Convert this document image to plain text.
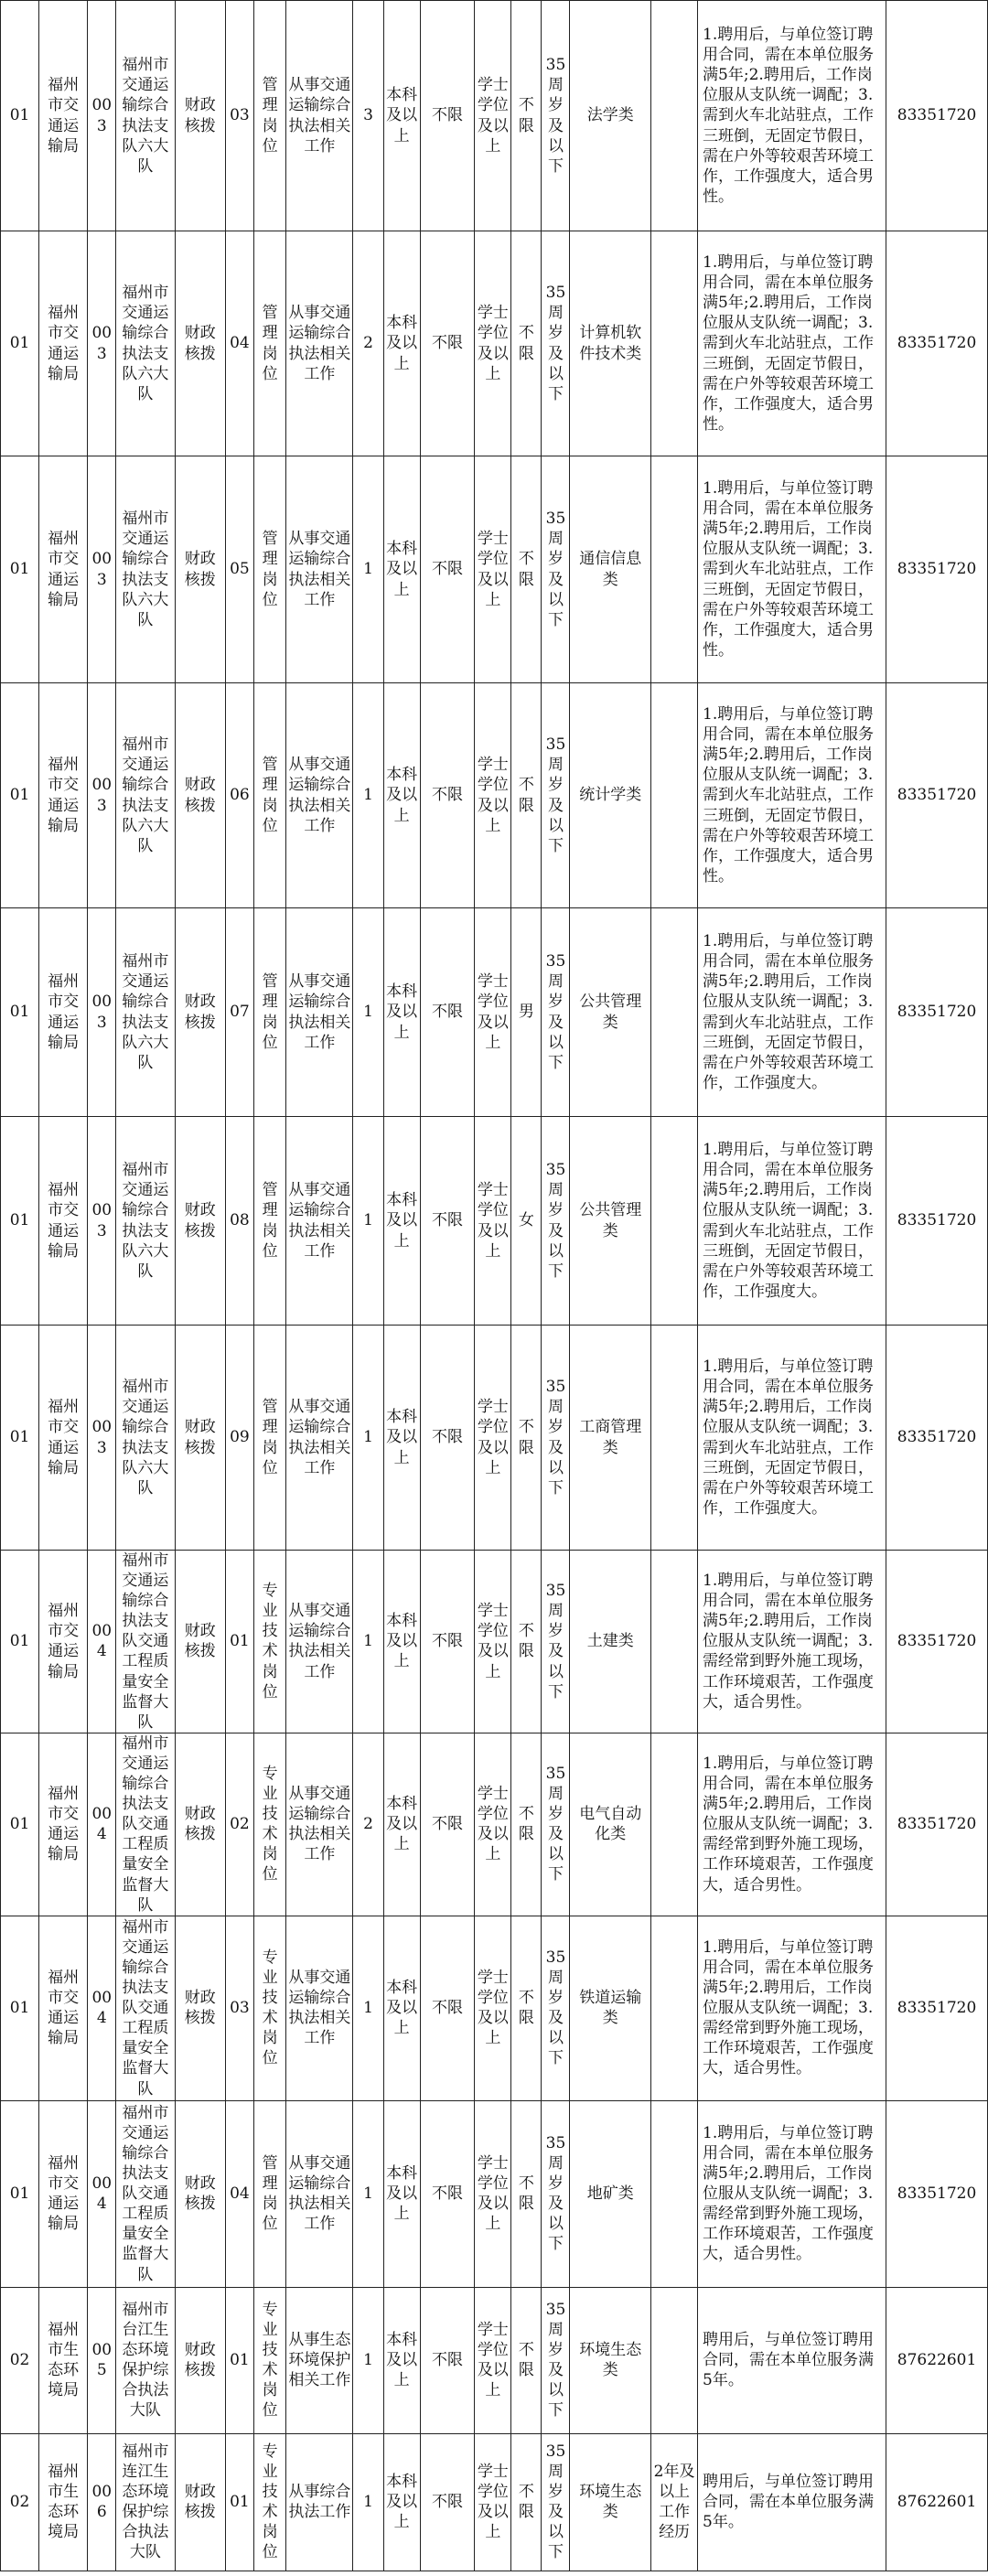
01	福州市交通运输局	003	福州市交通运输综合执法支队六大队	财政核拨	03	管理岗位	从事交通运输综合执法相关工作	3	本科及以上	不限	学士学位及以上	不限	35周岁及以下	法学类		1.聘用后，与单位签订聘用合同，需在本单位服务满5年;2.聘用后，工作岗位服从支队统一调配；3.需到火车北站驻点，工作三班倒，无固定节假日，需在户外等较艰苦环境工作，工作强度大，适合男性。	83351720
01	福州市交通运输局	003	福州市交通运输综合执法支队六大队	财政核拨	04	管理岗位	从事交通运输综合执法相关工作	2	本科及以上	不限	学士学位及以上	不限	35周岁及以下	计算机软件技术类		1.聘用后，与单位签订聘用合同，需在本单位服务满5年;2.聘用后，工作岗位服从支队统一调配；3.需到火车北站驻点，工作三班倒，无固定节假日，需在户外等较艰苦环境工作，工作强度大，适合男性。	83351720
01	福州市交通运输局	003	福州市交通运输综合执法支队六大队	财政核拨	05	管理岗位	从事交通运输综合执法相关工作	1	本科及以上	不限	学士学位及以上	不限	35周岁及以下	通信信息类		1.聘用后，与单位签订聘用合同，需在本单位服务满5年;2.聘用后，工作岗位服从支队统一调配；3.需到火车北站驻点，工作三班倒，无固定节假日，需在户外等较艰苦环境工作，工作强度大，适合男性。	83351720
01	福州市交通运输局	003	福州市交通运输综合执法支队六大队	财政核拨	06	管理岗位	从事交通运输综合执法相关工作	1	本科及以上	不限	学士学位及以上	不限	35周岁及以下	统计学类		1.聘用后，与单位签订聘用合同，需在本单位服务满5年;2.聘用后，工作岗位服从支队统一调配；3.需到火车北站驻点，工作三班倒，无固定节假日，需在户外等较艰苦环境工作，工作强度大，适合男性。	83351720
01	福州市交通运输局	003	福州市交通运输综合执法支队六大队	财政核拨	07	管理岗位	从事交通运输综合执法相关工作	1	本科及以上	不限	学士学位及以上	男	35周岁及以下	公共管理类		1.聘用后，与单位签订聘用合同，需在本单位服务满5年;2.聘用后，工作岗位服从支队统一调配；3.需到火车北站驻点，工作三班倒，无固定节假日，需在户外等较艰苦环境工作，工作强度大。	83351720
01	福州市交通运输局	003	福州市交通运输综合执法支队六大队	财政核拨	08	管理岗位	从事交通运输综合执法相关工作	1	本科及以上	不限	学士学位及以上	女	35周岁及以下	公共管理类		1.聘用后，与单位签订聘用合同，需在本单位服务满5年;2.聘用后，工作岗位服从支队统一调配；3.需到火车北站驻点，工作三班倒，无固定节假日，需在户外等较艰苦环境工作，工作强度大。	83351720
01	福州市交通运输局	003	福州市交通运输综合执法支队六大队	财政核拨	09	管理岗位	从事交通运输综合执法相关工作	1	本科及以上	不限	学士学位及以上	不限	35周岁及以下	工商管理类		1.聘用后，与单位签订聘用合同，需在本单位服务满5年;2.聘用后，工作岗位服从支队统一调配；3.需到火车北站驻点，工作三班倒，无固定节假日，需在户外等较艰苦环境工作，工作强度大。	83351720
01	福州市交通运输局	004	福州市交通运输综合执法支队交通工程质量安全监督大队	财政核拨	01	专业技术岗位	从事交通运输综合执法相关工作	1	本科及以上	不限	学士学位及以上	不限	35周岁及以下	土建类		1.聘用后，与单位签订聘用合同，需在本单位服务满5年;2.聘用后，工作岗位服从支队统一调配；3.需经常到野外施工现场，工作环境艰苦，工作强度大，适合男性。	83351720
01	福州市交通运输局	004	福州市交通运输综合执法支队交通工程质量安全监督大队	财政核拨	02	专业技术岗位	从事交通运输综合执法相关工作	2	本科及以上	不限	学士学位及以上	不限	35周岁及以下	电气自动化类		1.聘用后，与单位签订聘用合同，需在本单位服务满5年;2.聘用后，工作岗位服从支队统一调配；3.需经常到野外施工现场，工作环境艰苦，工作强度大，适合男性。	83351720
01	福州市交通运输局	004	福州市交通运输综合执法支队交通工程质量安全监督大队	财政核拨	03	专业技术岗位	从事交通运输综合执法相关工作	1	本科及以上	不限	学士学位及以上	不限	35周岁及以下	铁道运输类		1.聘用后，与单位签订聘用合同，需在本单位服务满5年;2.聘用后，工作岗位服从支队统一调配；3.需经常到野外施工现场，工作环境艰苦，工作强度大，适合男性。	83351720
01	福州市交通运输局	004	福州市交通运输综合执法支队交通工程质量安全监督大队	财政核拨	04	管理岗位	从事交通运输综合执法相关工作	1	本科及以上	不限	学士学位及以上	不限	35周岁及以下	地矿类		1.聘用后，与单位签订聘用合同，需在本单位服务满5年;2.聘用后，工作岗位服从支队统一调配；3.需经常到野外施工现场，工作环境艰苦，工作强度大，适合男性。	83351720
02	福州市生态环境局	005	福州市台江生态环境保护综合执法大队	财政核拨	01	专业技术岗位	从事生态环境保护相关工作	1	本科及以上	不限	学士学位及以上	不限	35周岁及以下	环境生态类		聘用后，与单位签订聘用合同，需在本单位服务满5年。	87622601
02	福州市生态环境局	006	福州市连江生态环境保护综合执法大队	财政核拨	01	专业技术岗位	从事综合执法工作	1	本科及以上	不限	学士学位及以上	不限	35周岁及以下	环境生态类	2年及以上工作经历	聘用后，与单位签订聘用合同，需在本单位服务满5年。	87622601
